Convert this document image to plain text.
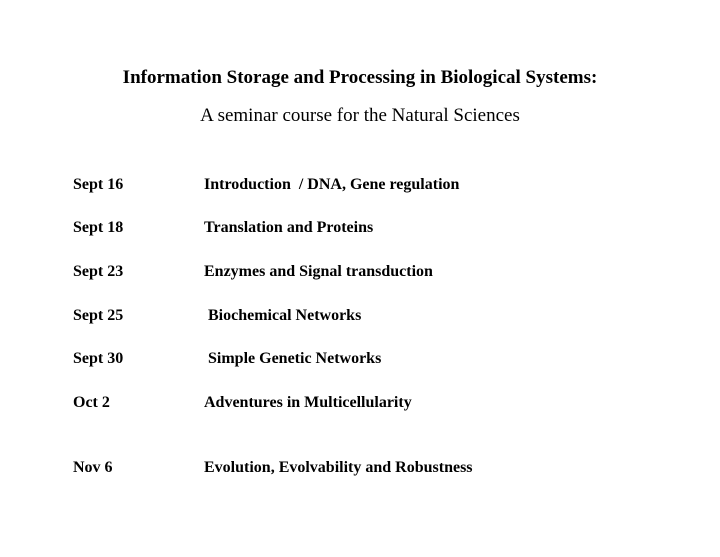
Information Storage and Processing in Biological Systems:
A seminar course for the Natural Sciences
Sept 16	Introduction  / DNA, Gene regulation
Sept 18	Translation and Proteins
Sept 23	Enzymes and Signal transduction
Sept 25	Biochemical Networks
Sept 30	Simple Genetic Networks
Oct 2	Adventures in Multicellularity
Nov 6	Evolution, Evolvability and Robustness
